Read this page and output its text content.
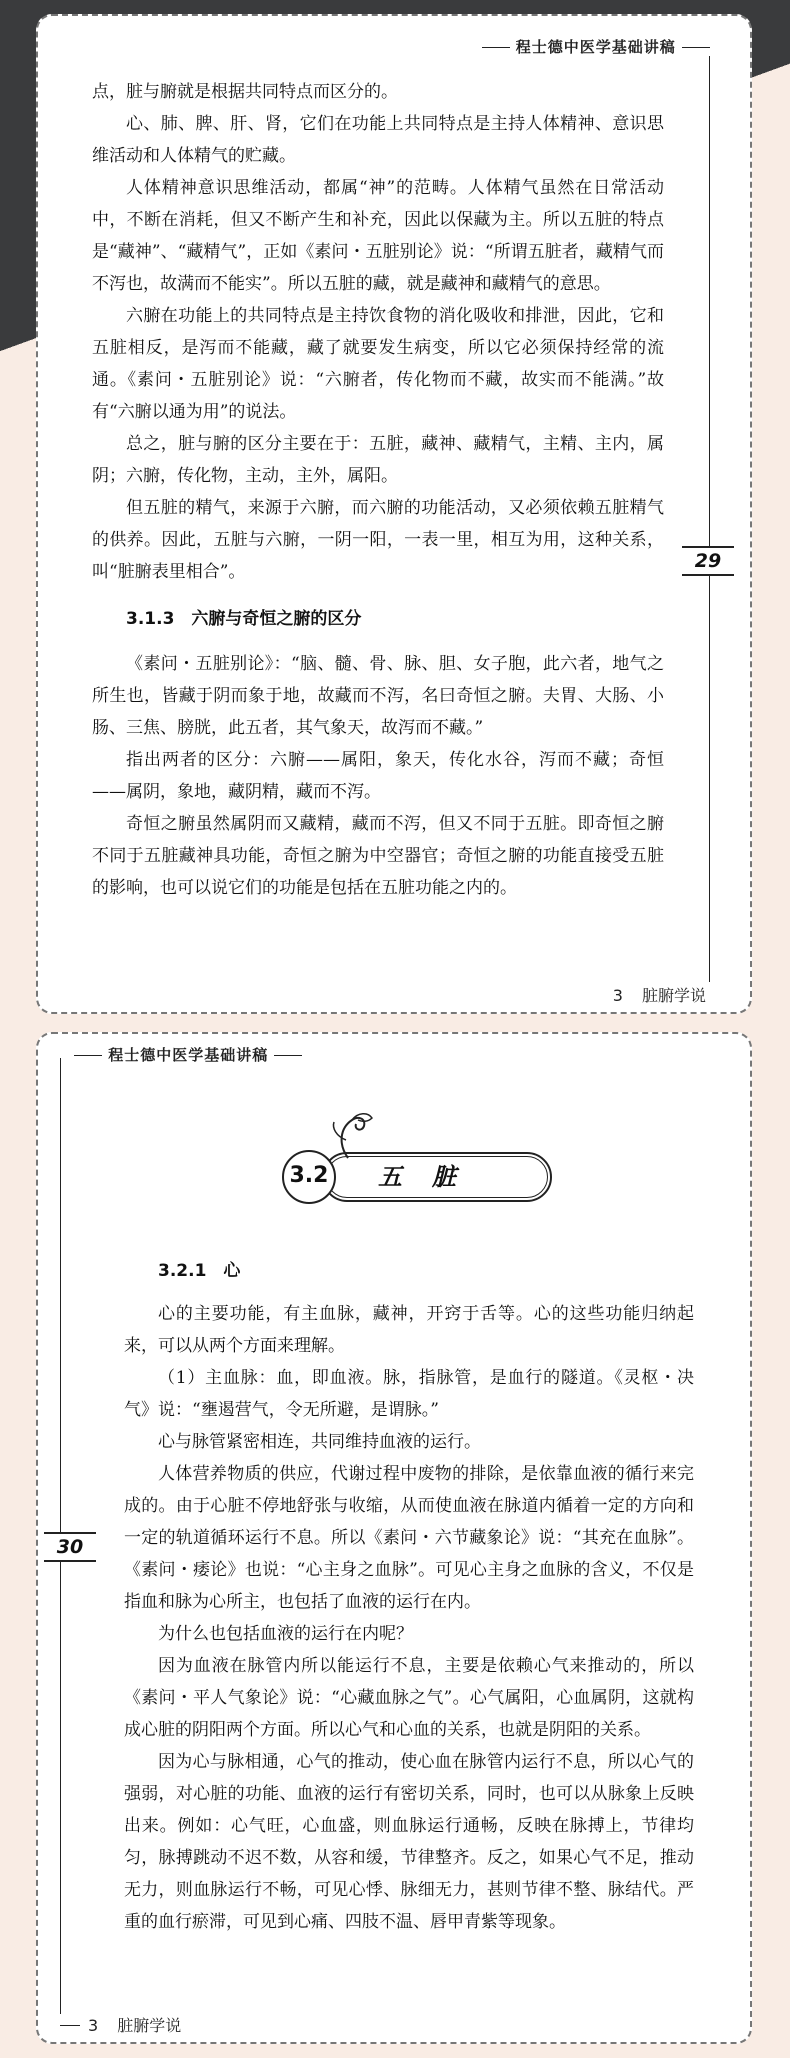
程士德中医学基础讲稿
29

点，脏与腑就是根据共同特点而区分的。

心、肺、脾、肝、肾，它们在功能上共同特点是主持人体精神、意识思维活动和人体精气的贮藏。

人体精神意识思维活动，都属“神”的范畴。人体精气虽然在日常活动中，不断在消耗，但又不断产生和补充，因此以保藏为主。所以五脏的特点是“藏神”、“藏精气”，正如《素问・五脏别论》说：“所谓五脏者，藏精气而不泻也，故满而不能实”。所以五脏的藏，就是藏神和藏精气的意思。

六腑在功能上的共同特点是主持饮食物的消化吸收和排泄，因此，它和五脏相反，是泻而不能藏，藏了就要发生病变，所以它必须保持经常的流通。《素问・五脏别论》说：“六腑者，传化物而不藏，故实而不能满。”故有“六腑以通为用”的说法。

总之，脏与腑的区分主要在于：五脏，藏神、藏精气，主精、主内，属阴；六腑，传化物，主动，主外，属阳。

但五脏的精气，来源于六腑，而六腑的功能活动，又必须依赖五脏精气的供养。因此，五脏与六腑，一阴一阳，一表一里，相互为用，这种关系，叫“脏腑表里相合”。

3.1.3　六腑与奇恒之腑的区分

《素问・五脏别论》：“脑、髓、骨、脉、胆、女子胞，此六者，地气之所生也，皆藏于阴而象于地，故藏而不泻，名曰奇恒之腑。夫胃、大肠、小肠、三焦、膀胱，此五者，其气象天，故泻而不藏。”

指出两者的区分：六腑——属阳，象天，传化水谷，泻而不藏；奇恒——属阴，象地，藏阴精，藏而不泻。

奇恒之腑虽然属阴而又藏精，藏而不泻，但又不同于五脏。即奇恒之腑不同于五脏藏神具功能，奇恒之腑为中空器官；奇恒之腑的功能直接受五脏的影响，也可以说它们的功能是包括在五脏功能之内的。

3 脏腑学说
程士德中医学基础讲稿
30
3.2	五脏
3.2.1　心

心的主要功能，有主血脉，藏神，开窍于舌等。心的这些功能归纳起来，可以从两个方面来理解。

（1）主血脉：血，即血液。脉，指脉管，是血行的隧道。《灵枢・决气》说：“壅遏营气，令无所避，是谓脉。”

心与脉管紧密相连，共同维持血液的运行。

人体营养物质的供应，代谢过程中废物的排除，是依靠血液的循行来完成的。由于心脏不停地舒张与收缩，从而使血液在脉道内循着一定的方向和一定的轨道循环运行不息。所以《素问・六节藏象论》说：“其充在血脉”。《素问・痿论》也说：“心主身之血脉”。可见心主身之血脉的含义，不仅是指血和脉为心所主，也包括了血液的运行在内。

为什么也包括血液的运行在内呢？

因为血液在脉管内所以能运行不息，主要是依赖心气来推动的，所以《素问・平人气象论》说：“心藏血脉之气”。心气属阳，心血属阴，这就构成心脏的阴阳两个方面。所以心气和心血的关系，也就是阴阳的关系。

因为心与脉相通，心气的推动，使心血在脉管内运行不息，所以心气的强弱，对心脏的功能、血液的运行有密切关系，同时，也可以从脉象上反映出来。例如：心气旺，心血盛，则血脉运行通畅，反映在脉搏上，节律均匀，脉搏跳动不迟不数，从容和缓，节律整齐。反之，如果心气不足，推动无力，则血脉运行不畅，可见心悸、脉细无力，甚则节律不整、脉结代。严重的血行瘀滞，可见到心痛、四肢不温、唇甲青紫等现象。

3 脏腑学说
